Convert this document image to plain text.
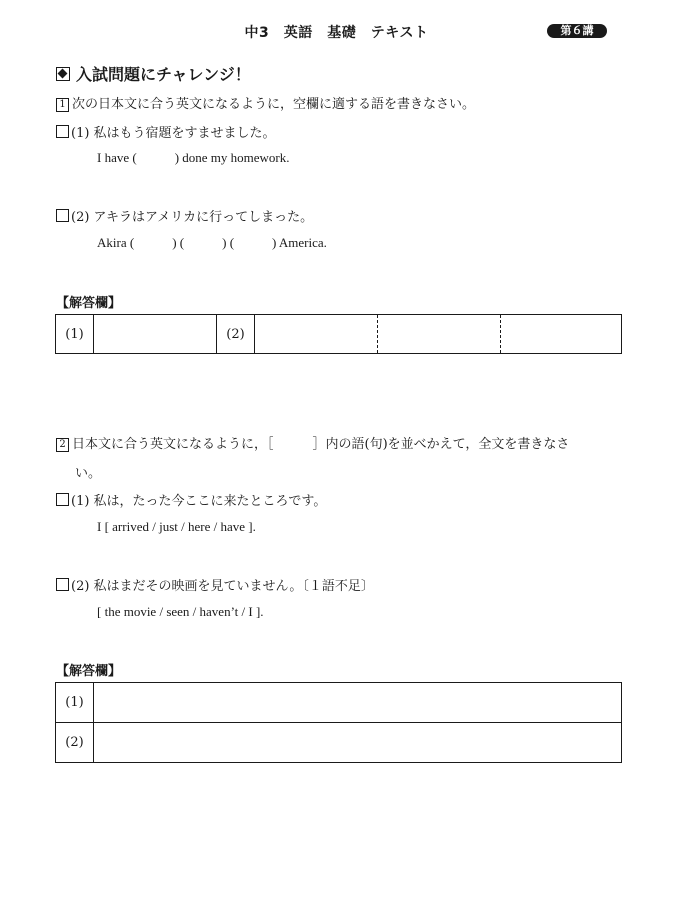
中3　英語　基礎　テキスト	第６講
入試問題にチャレンジ！
1 次の日本文に合う英文になるように，空欄に適する語を書きなさい。
(1) 私はもう宿題をすませました。
I have (	) done my homework.
(2) アキラはアメリカに行ってしまった。
Akira (	) (	) (	) America.
【解答欄】
(1)		(2)			
2 日本文に合う英文になるように，［　　　］内の語(句)を並べかえて，全文を書きなさ
い。
(1) 私は，たった今ここに来たところです。
I [ arrived / just / here / have ].
(2) 私はまだその映画を見ていません。〔１語不足〕
[ the movie / seen / haven’t / I ].
【解答欄】
(1)	
(2)	
